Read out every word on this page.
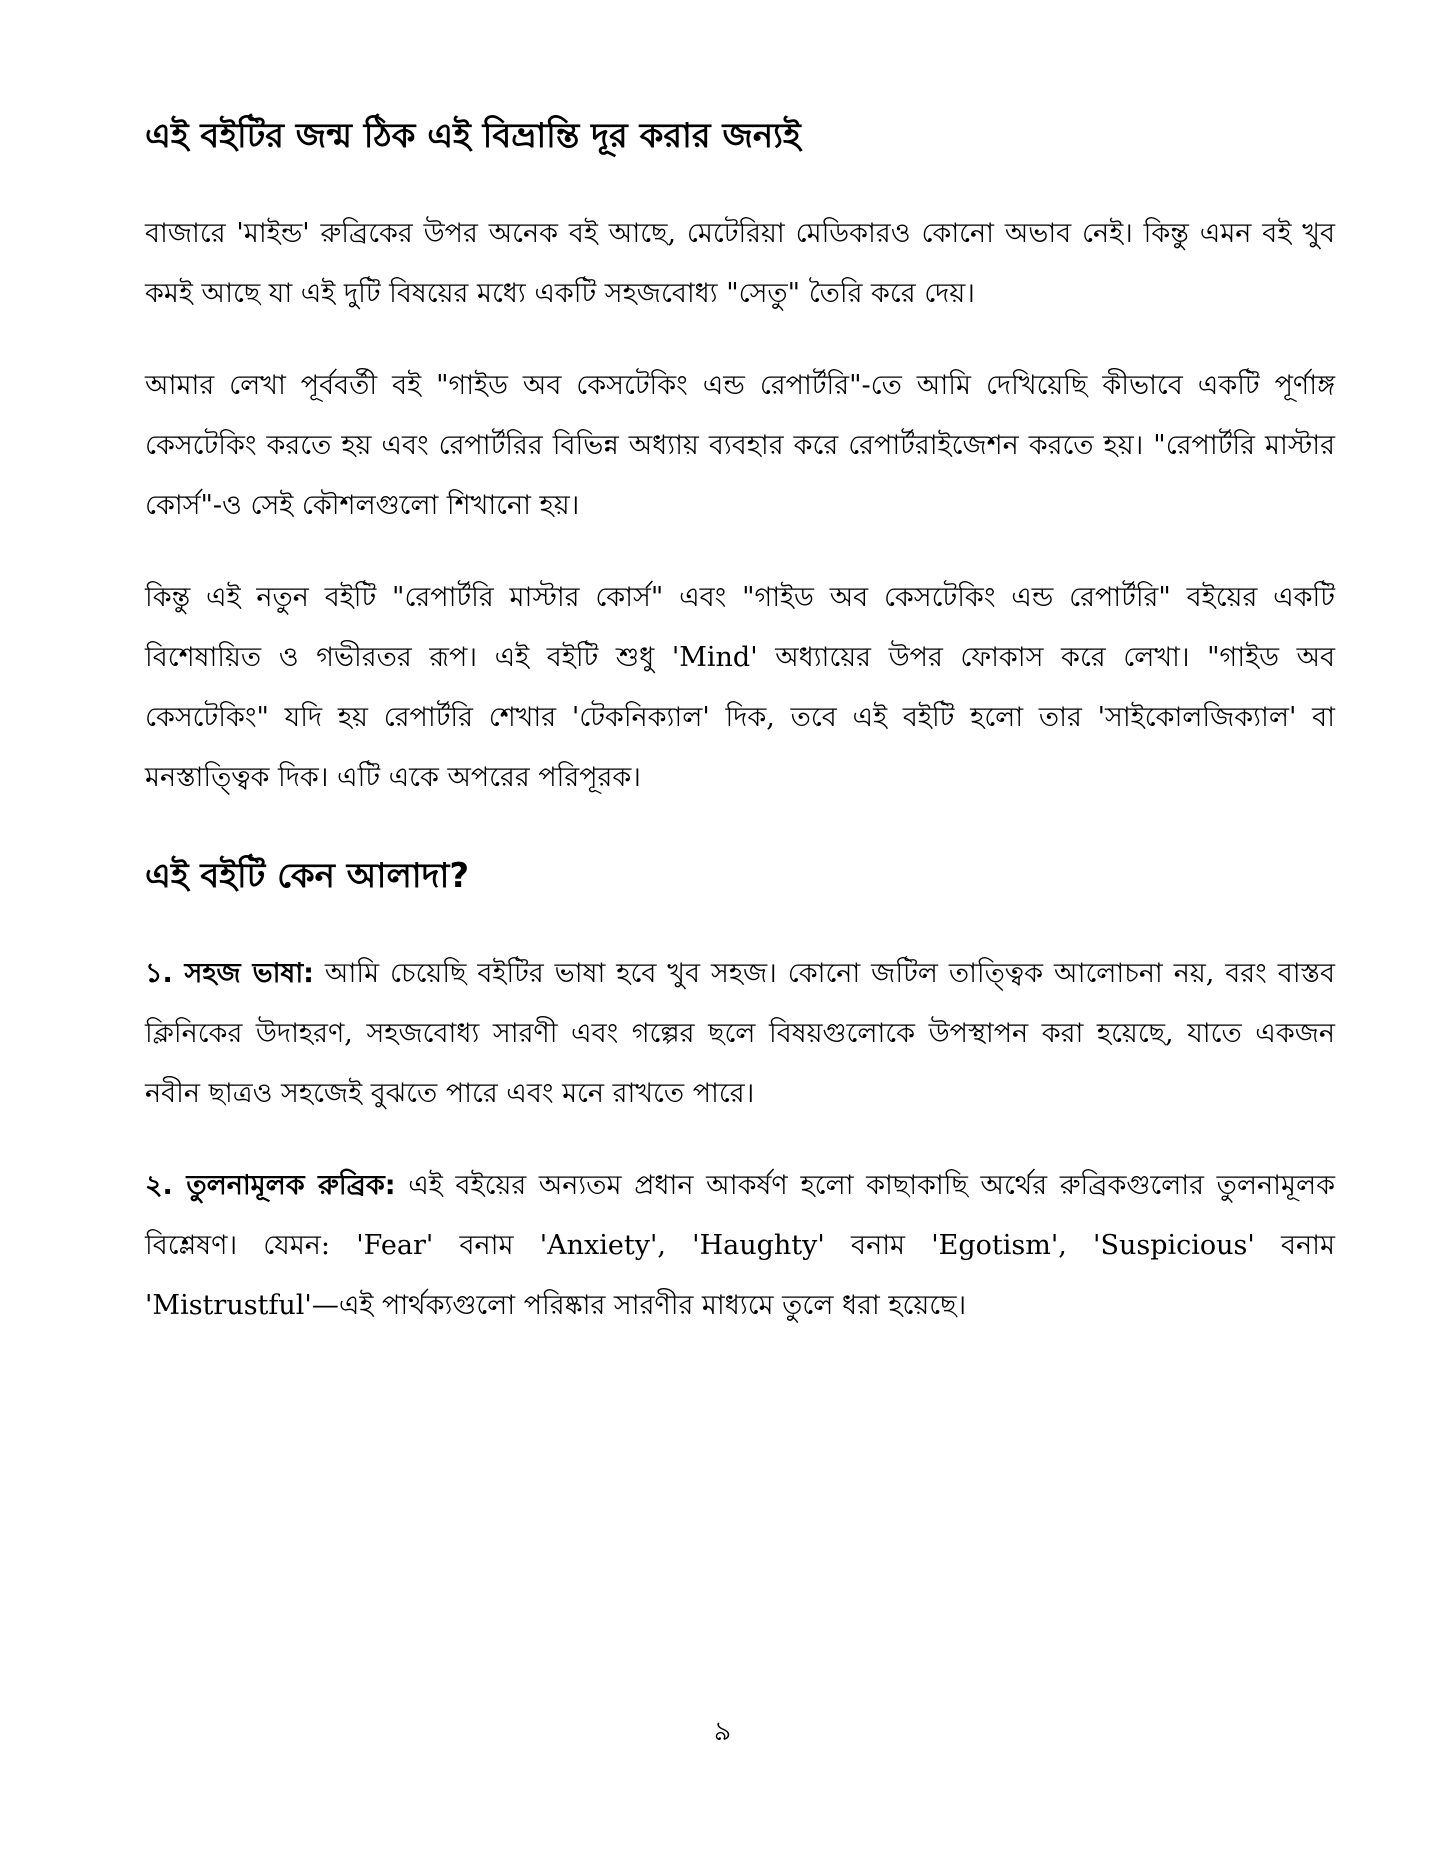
এই বইটির জন্ম ঠিক এই বিভ্রান্তি দূর করার জন্যই

বাজারে 'মাইন্ড' রুব্রিকের উপর অনেক বই আছে, মেটেরিয়া মেডিকারও কোনো অভাব নেই। কিন্তু এমন বই খুব কমই আছে যা এই দুটি বিষয়ের মধ্যে একটি সহজবোধ্য "সেতু" তৈরি করে দেয়।

আমার লেখা পূর্ববর্তী বই "গাইড অব কেসটেকিং এন্ড রেপার্টরি"-তে আমি দেখিয়েছি কীভাবে একটি পূর্ণাঙ্গ কেসটেকিং করতে হয় এবং রেপার্টরির বিভিন্ন অধ্যায় ব্যবহার করে রেপার্টরাইজেশন করতে হয়। "রেপার্টরি মাস্টার কোর্স"-ও সেই কৌশলগুলো শিখানো হয়।

কিন্তু এই নতুন বইটি "রেপার্টরি মাস্টার কোর্স" এবং "গাইড অব কেসটেকিং এন্ড রেপার্টরি" বইয়ের একটি বিশেষায়িত ও গভীরতর রূপ। এই বইটি শুধু 'Mind' অধ্যায়ের উপর ফোকাস করে লেখা। "গাইড অব কেসটেকিং" যদি হয় রেপার্টরি শেখার 'টেকনিক্যাল' দিক, তবে এই বইটি হলো তার 'সাইকোলজিক্যাল' বা মনস্তাত্ত্বিক দিক। এটি একে অপরের পরিপূরক।

এই বইটি কেন আলাদা?

১. সহজ ভাষা: আমি চেয়েছি বইটির ভাষা হবে খুব সহজ। কোনো জটিল তাত্ত্বিক আলোচনা নয়, বরং বাস্তব ক্লিনিকের উদাহরণ, সহজবোধ্য সারণী এবং গল্পের ছলে বিষয়গুলোকে উপস্থাপন করা হয়েছে, যাতে একজন নবীন ছাত্রও সহজেই বুঝতে পারে এবং মনে রাখতে পারে।

২. তুলনামূলক রুব্রিক: এই বইয়ের অন্যতম প্রধান আকর্ষণ হলো কাছাকাছি অর্থের রুব্রিকগুলোর তুলনামূলক বিশ্লেষণ। যেমন: 'Fear' বনাম 'Anxiety', 'Haughty' বনাম 'Egotism', 'Suspicious' বনাম 'Mistrustful'—এই পার্থক্যগুলো পরিষ্কার সারণীর মাধ্যমে তুলে ধরা হয়েছে।

৯
